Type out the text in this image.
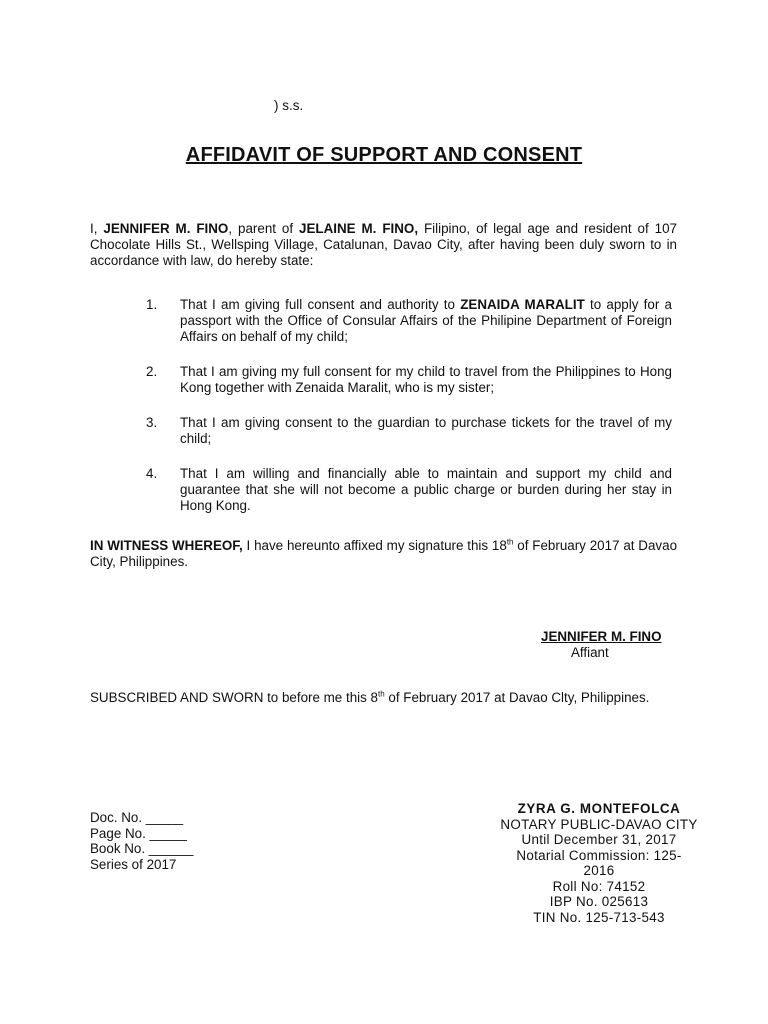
) s.s.
AFFIDAVIT OF SUPPORT AND CONSENT

I, JENNIFER M. FINO, parent of JELAINE M. FINO, Filipino, of legal age and resident of 107 Chocolate Hills St., Wellsping Village, Catalunan, Davao City, after having been duly sworn to in accordance with law, do hereby state:

1. That I am giving full consent and authority to ZENAIDA MARALIT to apply for a passport with the Office of Consular Affairs of the Philipine Department of Foreign Affairs on behalf of my child;
2. That I am giving my full consent for my child to travel from the Philippines to Hong Kong together with Zenaida Maralit, who is my sister;
3. That I am giving consent to the guardian to purchase tickets for the travel of my child;
4. That I am willing and financially able to maintain and support my child and guarantee that she will not become a public charge or burden during her stay in Hong Kong.

IN WITNESS WHEREOF, I have hereunto affixed my signature this 18th of February 2017 at Davao City, Philippines.

JENNIFER M. FINO
Affiant

SUBSCRIBED AND SWORN to before me this 8th of February 2017 at Davao Clty, Philippines.

Doc. No. _____
Page No. _____
Book No. ______
Series of 2017
ZYRA G. MONTEFOLCA
NOTARY PUBLIC-DAVAO CITY
Until December 31, 2017
Notarial Commission: 125-
2016
Roll No: 74152
IBP No. 025613
TIN No. 125-713-543
